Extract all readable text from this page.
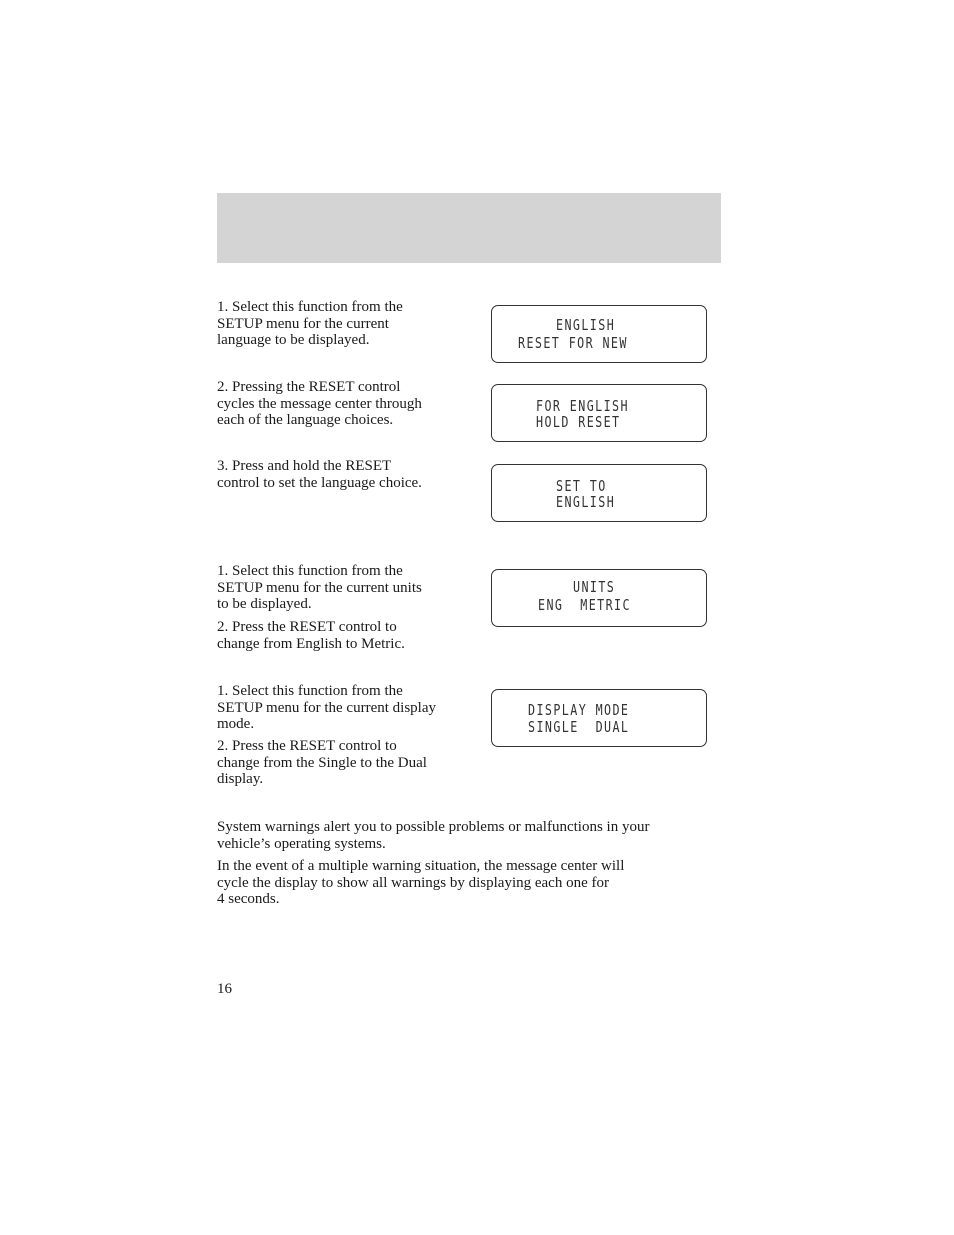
1. Select this function from the
SETUP menu for the current
language to be displayed.

ENGLISH
RESET FOR NEW

2. Pressing the RESET control
cycles the message center through
each of the language choices.

FOR ENGLISH
HOLD RESET

3. Press and hold the RESET
control to set the language choice.	SET TO
ENGLISH

1. Select this function from the
SETUP menu for the current units
to be displayed.

2. Press the RESET control to
change from English to Metric.

UNITS
ENG  METRIC

1. Select this function from the
SETUP menu for the current display
mode.

2. Press the RESET control to
change from the Single to the Dual
display.

DISPLAY MODE
SINGLE  DUAL

System warnings alert you to possible problems or malfunctions in your
vehicle’s operating systems.

In the event of a multiple warning situation, the message center will
cycle the display to show all warnings by displaying each one for
4 seconds.

16
